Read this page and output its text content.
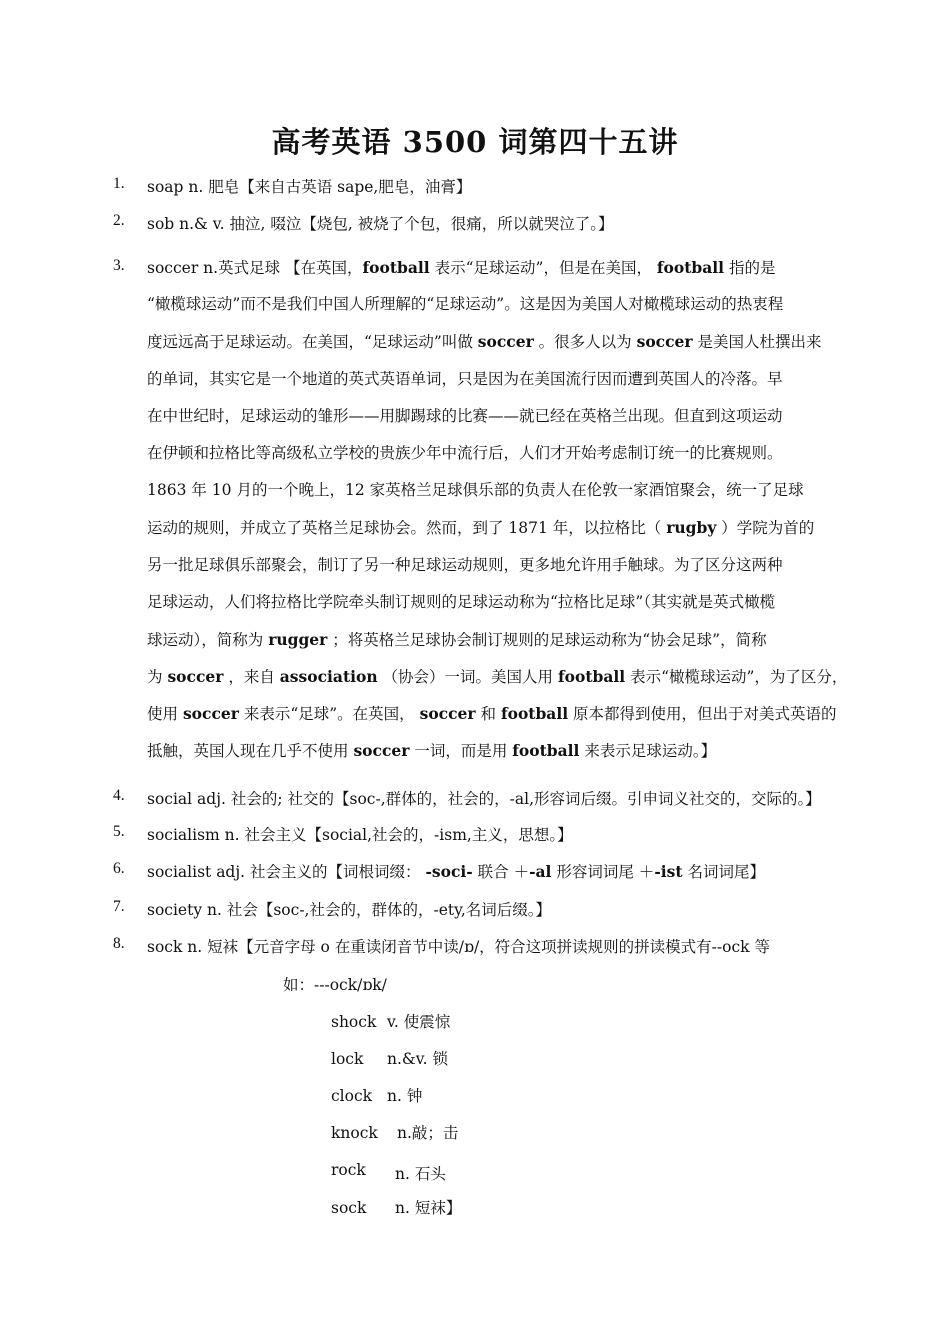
高考英语 3500 词第四十五讲
1. soap n. 肥皂【来自古英语 sape,肥皂，油膏】
2. sob n.& v. 抽泣, 啜泣【烧包, 被烧了个包，很痛，所以就哭泣了。】
3. soccer n.英式足球 【在英国，football 表示“足球运动”，但是在美国， football 指的是
“橄榄球运动”而不是我们中国人所理解的“足球运动”。这是因为美国人对橄榄球运动的热衷程
度远远高于足球运动。在美国，“足球运动”叫做 soccer 。很多人以为 soccer 是美国人杜撰出来
的单词，其实它是一个地道的英式英语单词，只是因为在美国流行因而遭到英国人的冷落。早
在中世纪时，足球运动的雏形——用脚踢球的比赛——就已经在英格兰出现。但直到这项运动
在伊顿和拉格比等高级私立学校的贵族少年中流行后，人们才开始考虑制订统一的比赛规则。
1863 年 10 月的一个晚上，12 家英格兰足球俱乐部的负责人在伦敦一家酒馆聚会，统一了足球
运动的规则，并成立了英格兰足球协会。然而，到了 1871 年，以拉格比（ rugby ）学院为首的
另一批足球俱乐部聚会，制订了另一种足球运动规则，更多地允许用手触球。为了区分这两种
足球运动，人们将拉格比学院牵头制订规则的足球运动称为“拉格比足球”（其实就是英式橄榄
球运动），简称为 rugger ；将英格兰足球协会制订规则的足球运动称为“协会足球”，简称
为 soccer ，来自 association （协会）一词。美国人用 football 表示“橄榄球运动”，为了区分，
使用 soccer 来表示“足球”。在英国， soccer 和 football 原本都得到使用，但出于对美式英语的
抵触，英国人现在几乎不使用 soccer 一词，而是用 football 来表示足球运动。】
4. social adj. 社会的; 社交的【soc-,群体的，社会的，-al,形容词后缀。引申词义社交的，交际的。】
5. socialism n. 社会主义【social,社会的，-ism,主义，思想。】
6. socialist adj. 社会主义的【词根词缀： -soci- 联合 ＋-al 形容词词尾 ＋-ist 名词词尾】
7. society n. 社会【soc-,社会的，群体的，-ety,名词后缀。】
8. sock n. 短袜【元音字母 o 在重读闭音节中读/ɒ/，符合这项拼读规则的拼读模式有--ock 等
如：---ock/ɒk/
shock v. 使震惊
lock n.&v. 锁
clock n. 钟
knock n.敲；击
rock n. 石头
sock n. 短袜】
